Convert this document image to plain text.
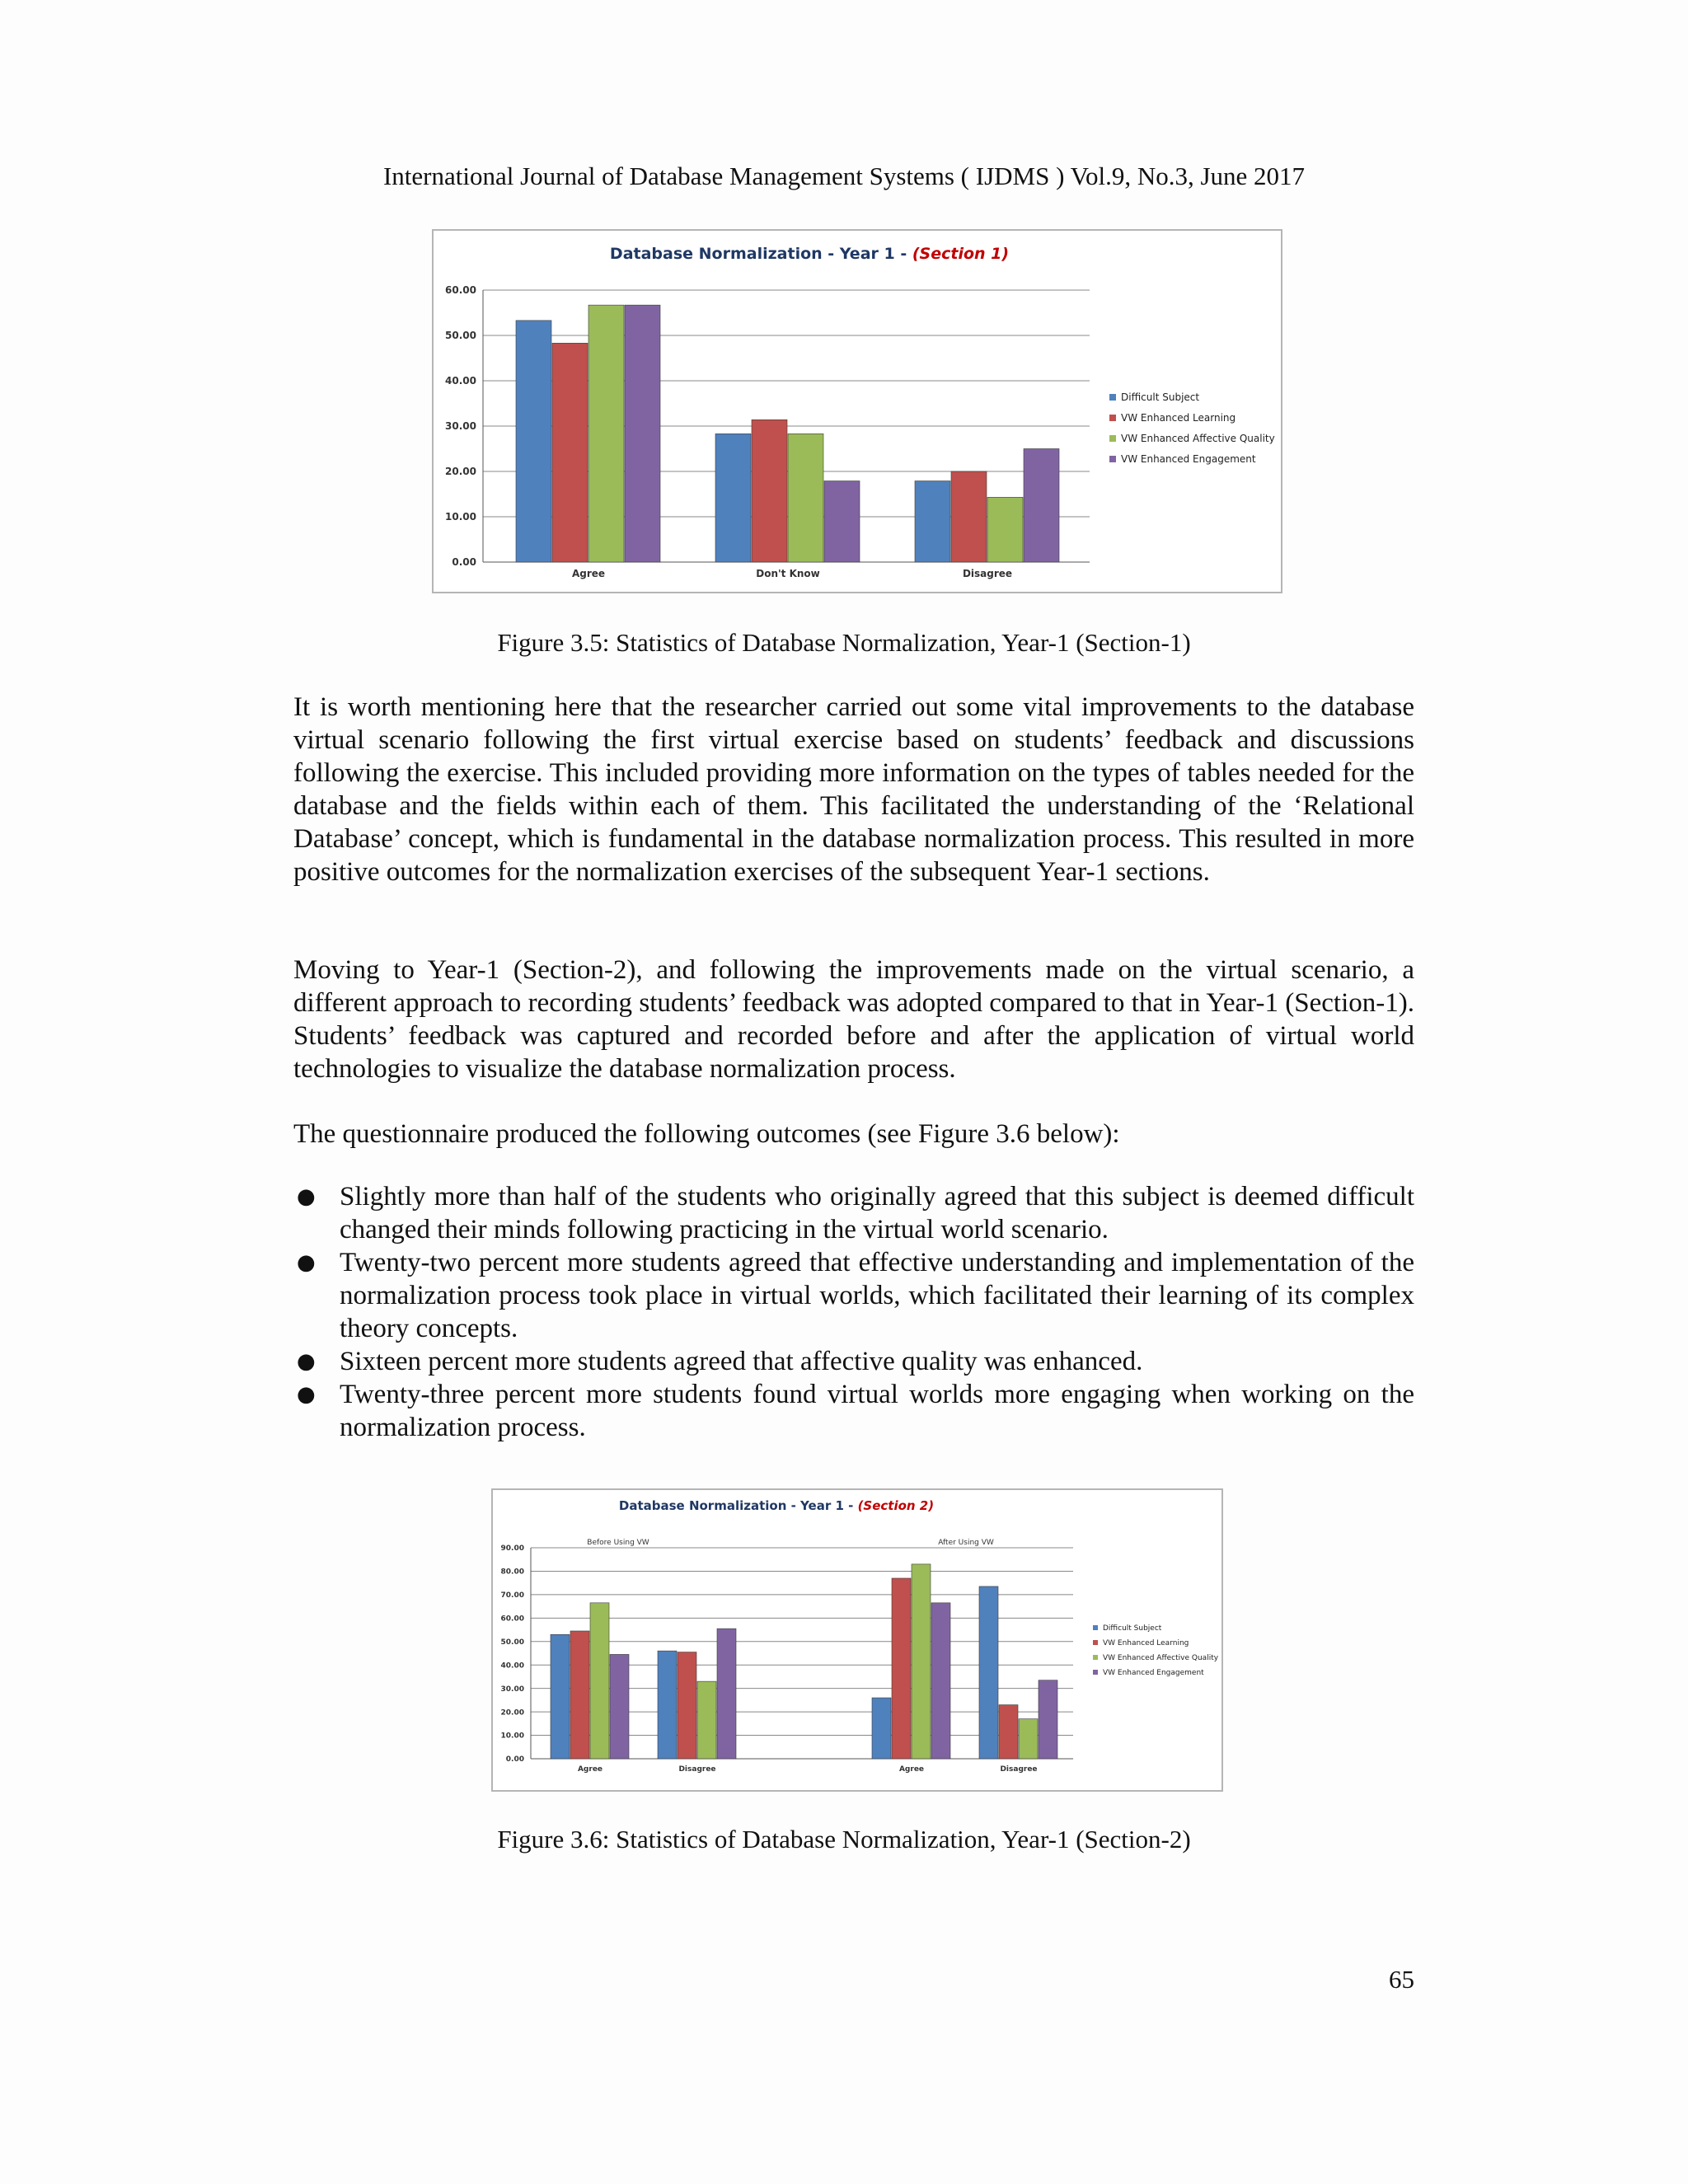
International Journal of Database Management Systems ( IJDMS ) Vol.9, No.3, June 2017
Database Normalization - Year 1 - (Section 1)
0.00
10.00
20.00
30.00
40.00
50.00
60.00
Agree	Don't Know	Disagree
Difficult Subject
VW Enhanced Learning
VW Enhanced Affective Quality
VW Enhanced Engagement
Figure 3.5: Statistics of Database Normalization, Year-1 (Section-1)

It is worth mentioning here that the researcher carried out some vital improvements to the database virtual scenario following the first virtual exercise based on students’ feedback and discussions following the exercise. This included providing more information on the types of tables needed for the database and the fields within each of them. This facilitated the understanding of the ‘Relational Database’ concept, which is fundamental in the database normalization process. This resulted in more positive outcomes for the normalization exercises of the subsequent Year-1 sections.

Moving to Year-1 (Section-2), and following the improvements made on the virtual scenario, a different approach to recording students’ feedback was adopted compared to that in Year-1 (Section-1). Students’ feedback was captured and recorded before and after the application of virtual world technologies to visualize the database normalization process.

The questionnaire produced the following outcomes (see Figure 3.6 below):

● Slightly more than half of the students who originally agreed that this subject is deemed difficult changed their minds following practicing in the virtual world scenario.
● Twenty-two percent more students agreed that effective understanding and implementation of the normalization process took place in virtual worlds, which facilitated their learning of its complex theory concepts.
● Sixteen percent more students agreed that affective quality was enhanced.
● Twenty-three percent more students found virtual worlds more engaging when working on the normalization process.
Database Normalization - Year 1 - (Section 2)
0.00
10.00
20.00
30.00
40.00
50.00
60.00
70.00
80.00
90.00
Agree	Disagree	Agree	Disagree
Before Using VW	After Using VW
Difficult Subject
VW Enhanced Learning
VW Enhanced Affective Quality
VW Enhanced Engagement
Figure 3.6: Statistics of Database Normalization, Year-1 (Section-2)
65
